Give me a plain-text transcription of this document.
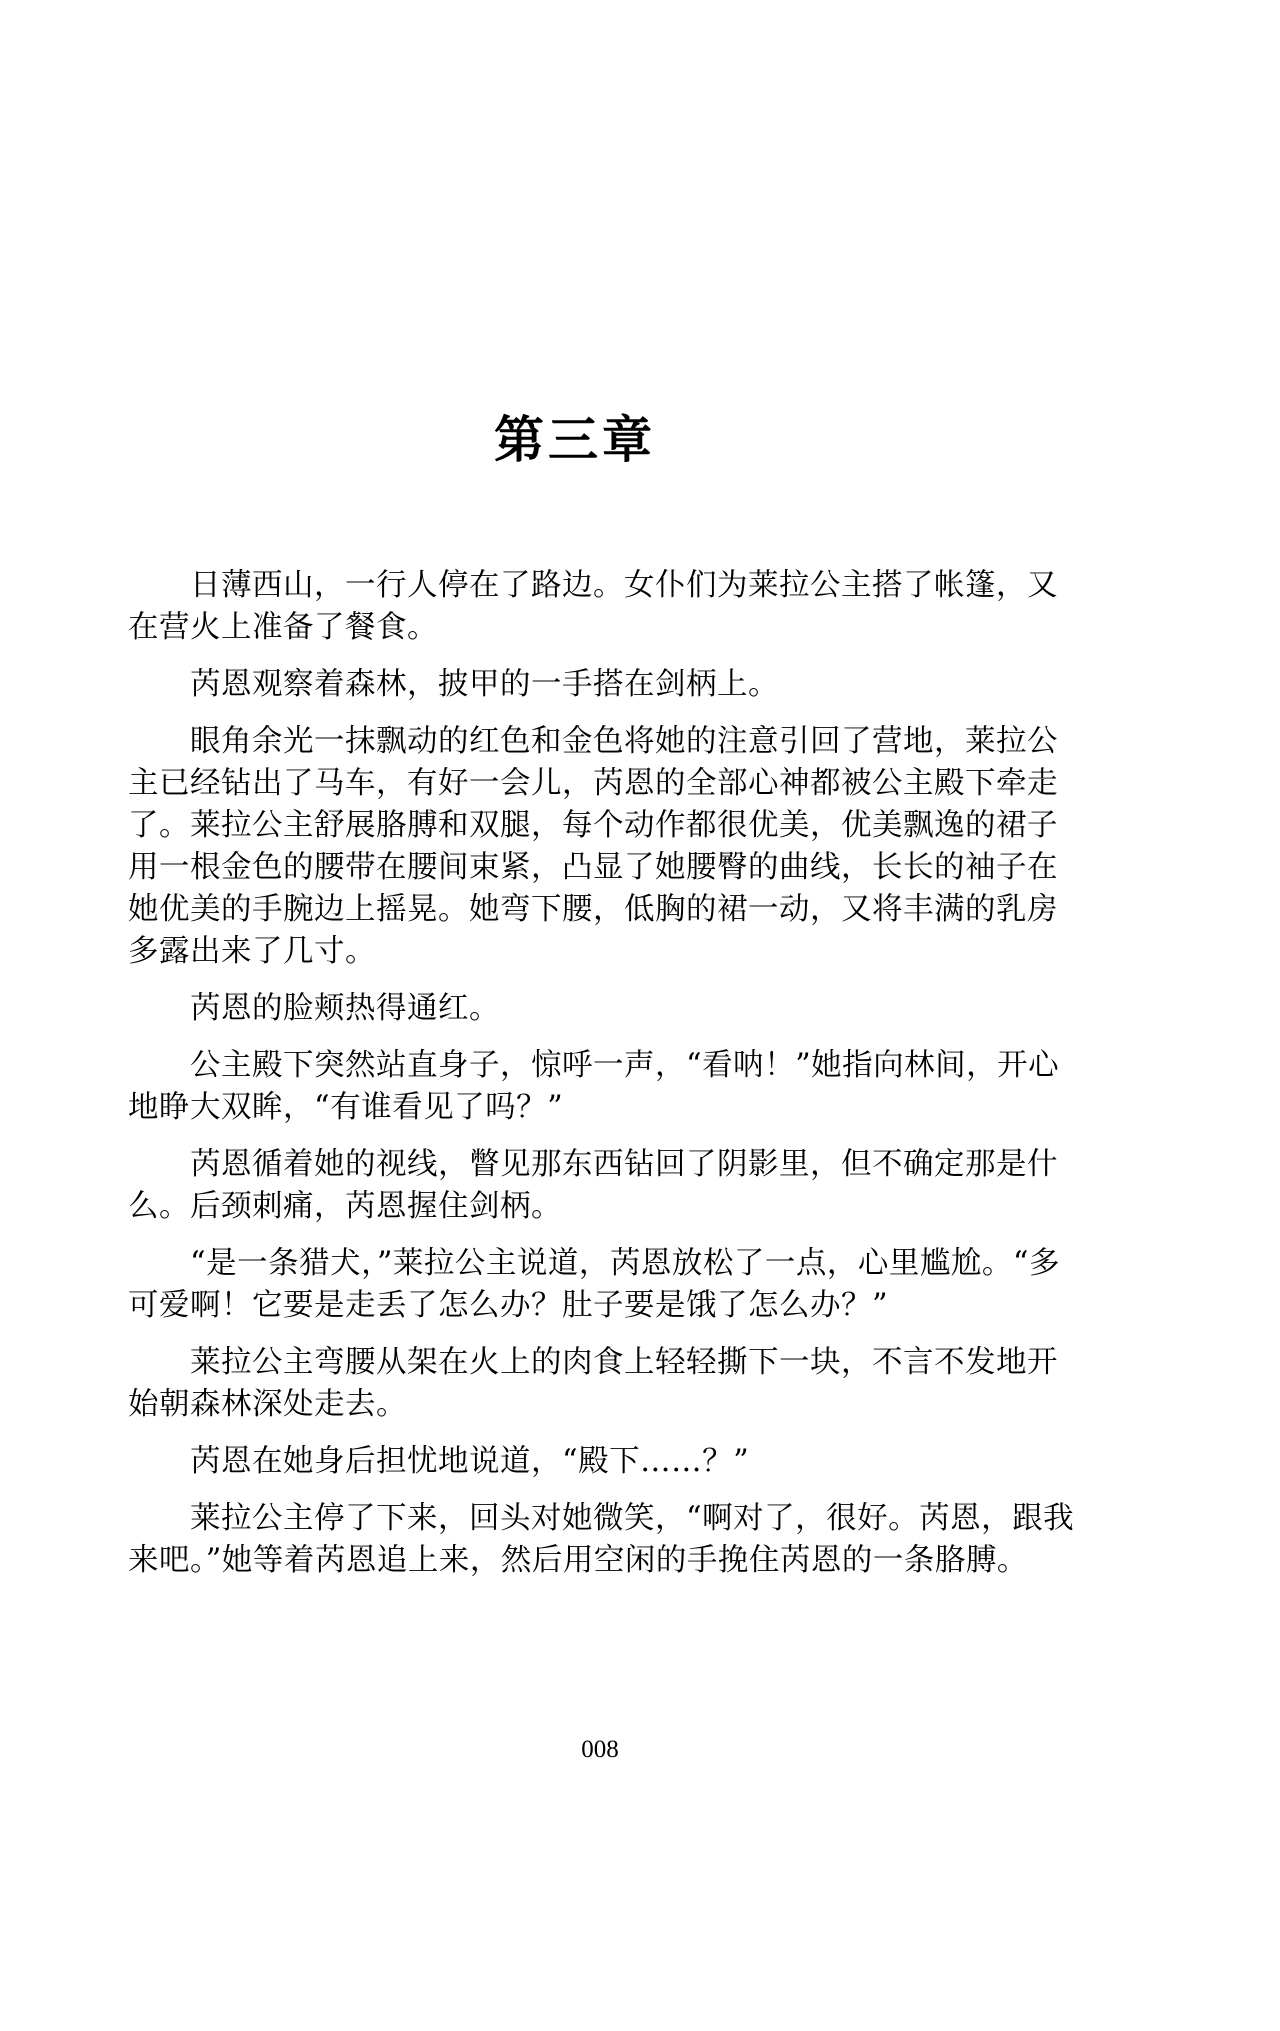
第三章

日薄西山，一行人停在了路边。女仆们为莱拉公主搭了帐篷，又在营火上准备了餐食。

芮恩观察着森林，披甲的一手搭在剑柄上。

眼角余光一抹飘动的红色和金色将她的注意引回了营地，莱拉公主已经钻出了马车，有好一会儿，芮恩的全部心神都被公主殿下牵走了。莱拉公主舒展胳膊和双腿，每个动作都很优美，优美飘逸的裙子用一根金色的腰带在腰间束紧，凸显了她腰臀的曲线，长长的袖子在她优美的手腕边上摇晃。她弯下腰，低胸的裙一动，又将丰满的乳房多露出来了几寸。

芮恩的脸颊热得通红。

公主殿下突然站直身子，惊呼一声，“看呐！”她指向林间，开心地睁大双眸，“有谁看见了吗？”

芮恩循着她的视线，瞥见那东西钻回了阴影里，但不确定那是什么。后颈刺痛，芮恩握住剑柄。

“是一条猎犬，”莱拉公主说道，芮恩放松了一点，心里尴尬。“多可爱啊！它要是走丢了怎么办？肚子要是饿了怎么办？”

莱拉公主弯腰从架在火上的肉食上轻轻撕下一块，不言不发地开始朝森林深处走去。

芮恩在她身后担忧地说道，“殿下……？”

莱拉公主停了下来，回头对她微笑，“啊对了，很好。芮恩，跟我来吧。”她等着芮恩追上来，然后用空闲的手挽住芮恩的一条胳膊。

008
